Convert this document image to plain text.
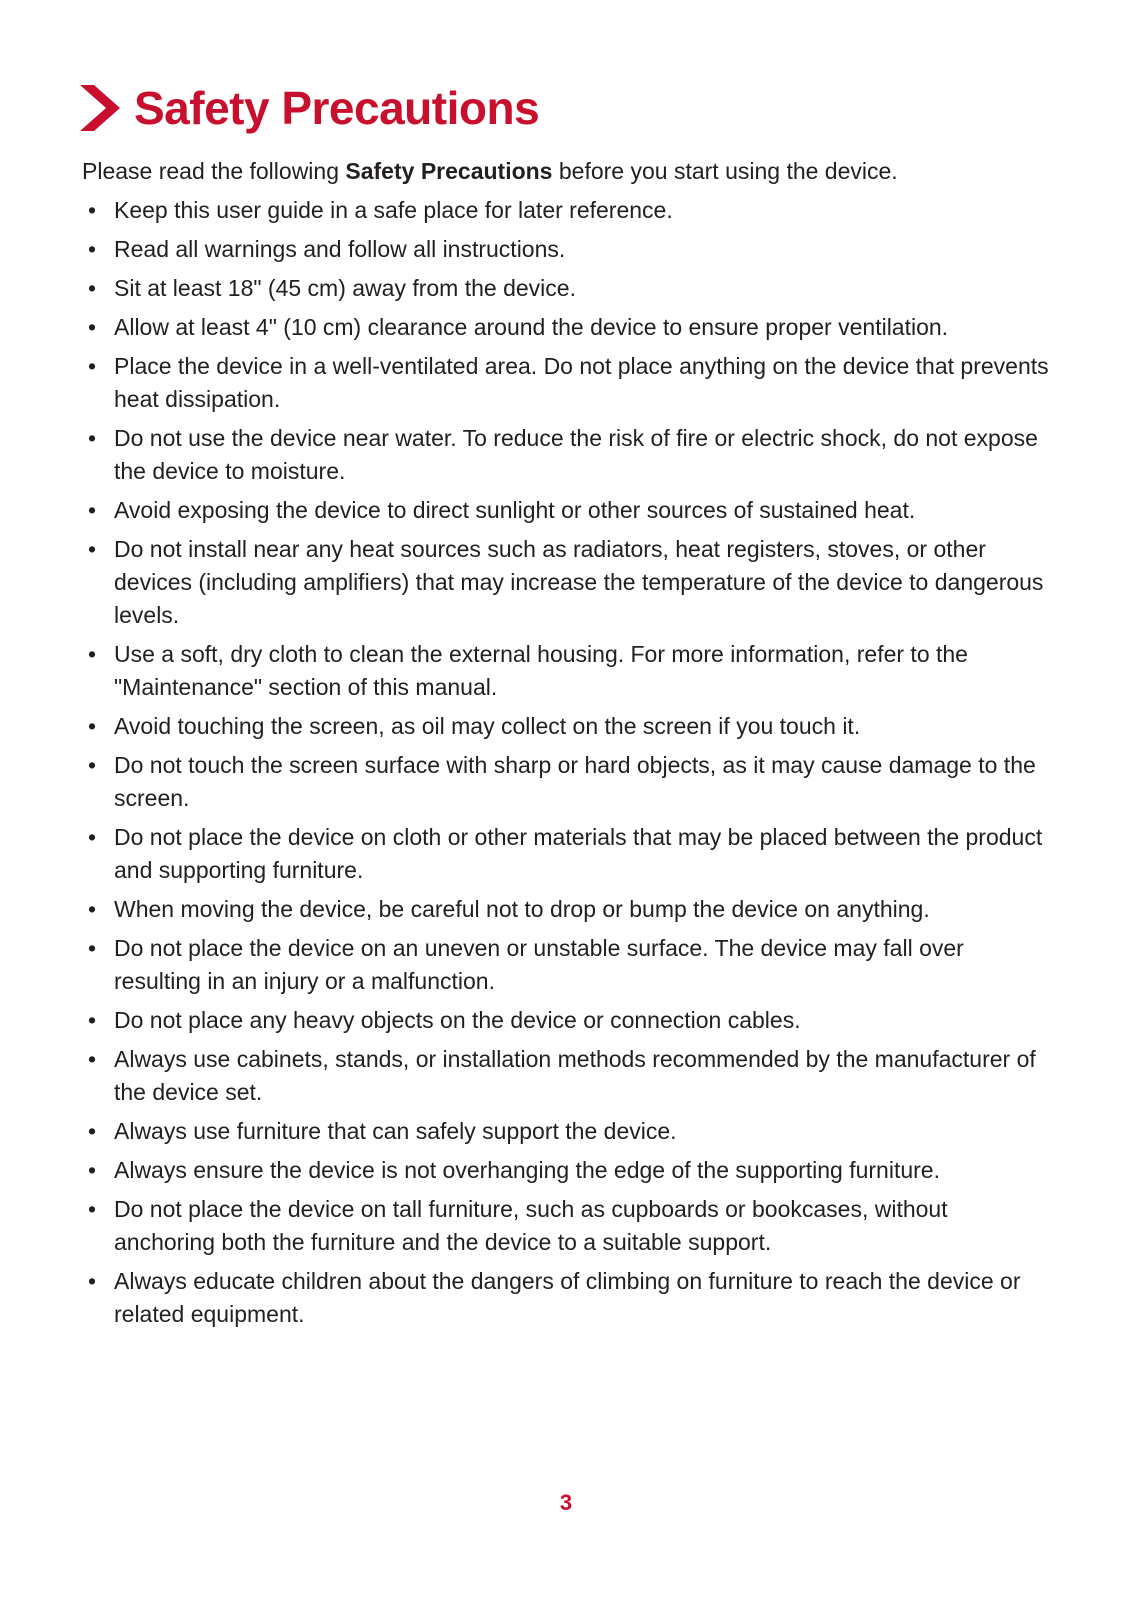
Safety Precautions
Please read the following Safety Precautions before you start using the device.
• Keep this user guide in a safe place for later reference.
• Read all warnings and follow all instructions.
• Sit at least 18" (45 cm) away from the device.
• Allow at least 4" (10 cm) clearance around the device to ensure proper ventilation.
• Place the device in a well-ventilated area. Do not place anything on the device that prevents heat dissipation.
• Do not use the device near water. To reduce the risk of fire or electric shock, do not expose the device to moisture.
• Avoid exposing the device to direct sunlight or other sources of sustained heat.
• Do not install near any heat sources such as radiators, heat registers, stoves, or other devices (including amplifiers) that may increase the temperature of the device to dangerous levels.
• Use a soft, dry cloth to clean the external housing. For more information, refer to the "Maintenance" section of this manual.
• Avoid touching the screen, as oil may collect on the screen if you touch it.
• Do not touch the screen surface with sharp or hard objects, as it may cause damage to the screen.
• Do not place the device on cloth or other materials that may be placed between the product and supporting furniture.
• When moving the device, be careful not to drop or bump the device on anything.
• Do not place the device on an uneven or unstable surface. The device may fall over resulting in an injury or a malfunction.
• Do not place any heavy objects on the device or connection cables.
• Always use cabinets, stands, or installation methods recommended by the manufacturer of the device set.
• Always use furniture that can safely support the device.
• Always ensure the device is not overhanging the edge of the supporting furniture.
• Do not place the device on tall furniture, such as cupboards or bookcases, without anchoring both the furniture and the device to a suitable support.
• Always educate children about the dangers of climbing on furniture to reach the device or related equipment.
3
